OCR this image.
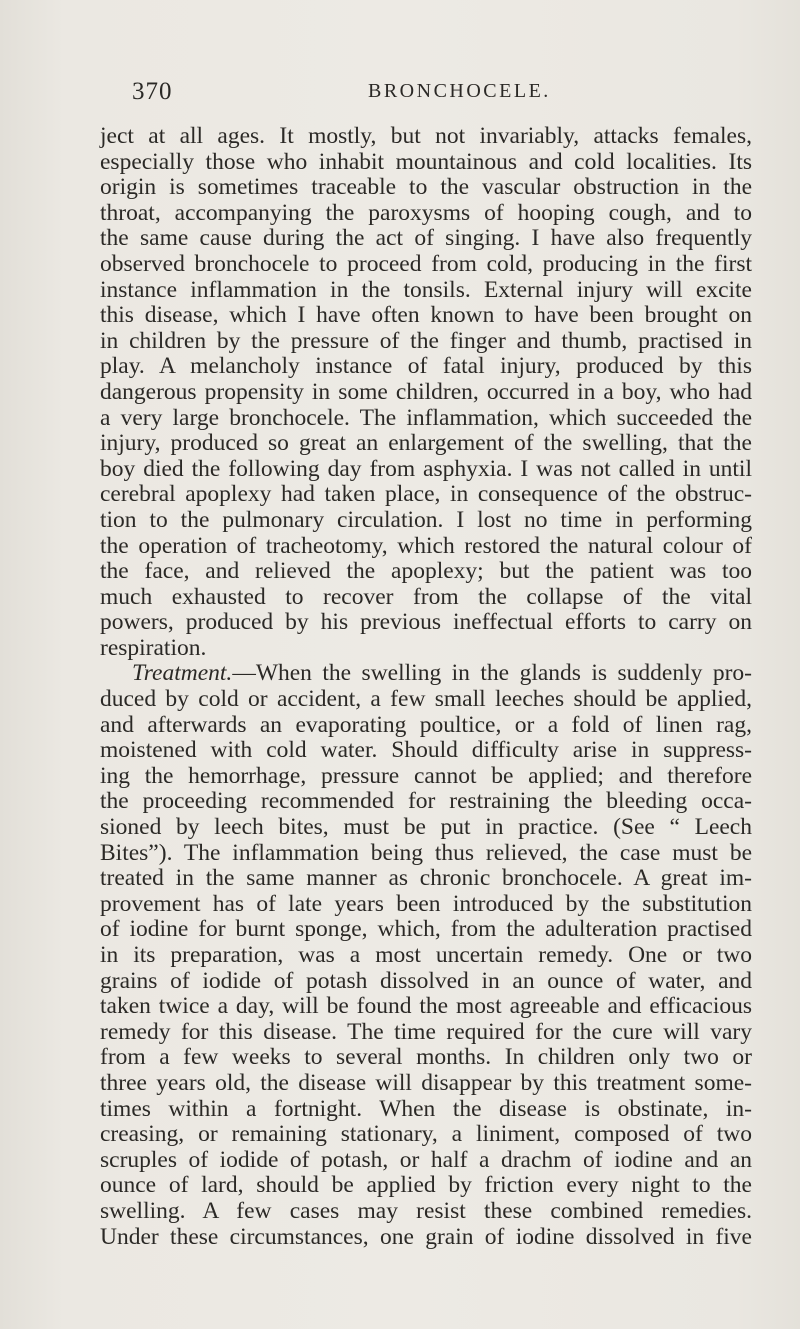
370	BRONCHOCELE.
ject at all ages. It mostly, but not invariably, attacks females,
especially those who inhabit mountainous and cold localities. Its
origin is sometimes traceable to the vascular obstruction in the
throat, accompanying the paroxysms of hooping cough, and to
the same cause during the act of singing. I have also frequently
observed bronchocele to proceed from cold, producing in the first
instance inflammation in the tonsils. External injury will excite
this disease, which I have often known to have been brought on
in children by the pressure of the finger and thumb, practised in
play. A melancholy instance of fatal injury, produced by this
dangerous propensity in some children, occurred in a boy, who had
a very large bronchocele. The inflammation, which succeeded the
injury, produced so great an enlargement of the swelling, that the
boy died the following day from asphyxia. I was not called in until
cerebral apoplexy had taken place, in consequence of the obstruc-
tion to the pulmonary circulation. I lost no time in performing
the operation of tracheotomy, which restored the natural colour of
the face, and relieved the apoplexy; but the patient was too
much exhausted to recover from the collapse of the vital
powers, produced by his previous ineffectual efforts to carry on
respiration.
Treatment.—When the swelling in the glands is suddenly pro-
duced by cold or accident, a few small leeches should be applied,
and afterwards an evaporating poultice, or a fold of linen rag,
moistened with cold water. Should difficulty arise in suppress-
ing the hemorrhage, pressure cannot be applied; and therefore
the proceeding recommended for restraining the bleeding occa-
sioned by leech bites, must be put in practice. (See “ Leech
Bites”). The inflammation being thus relieved, the case must be
treated in the same manner as chronic bronchocele. A great im-
provement has of late years been introduced by the substitution
of iodine for burnt sponge, which, from the adulteration practised
in its preparation, was a most uncertain remedy. One or two
grains of iodide of potash dissolved in an ounce of water, and
taken twice a day, will be found the most agreeable and efficacious
remedy for this disease. The time required for the cure will vary
from a few weeks to several months. In children only two or
three years old, the disease will disappear by this treatment some-
times within a fortnight. When the disease is obstinate, in-
creasing, or remaining stationary, a liniment, composed of two
scruples of iodide of potash, or half a drachm of iodine and an
ounce of lard, should be applied by friction every night to the
swelling. A few cases may resist these combined remedies.
Under these circumstances, one grain of iodine dissolved in five
